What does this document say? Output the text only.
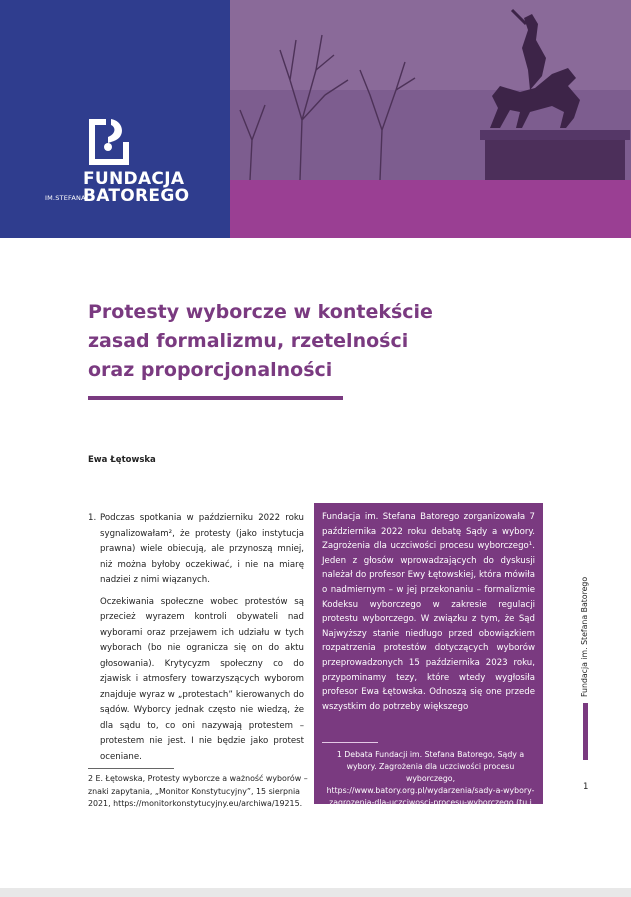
FUNDACJA
IM.STEFANA
BATOREGO
Protesty wyborcze w kontekście
zasad formalizmu, rzetelności
oraz proporcjonalności
Ewa Łętowska

1. Podczas spotkania w październiku 2022 roku sygnalizowałam², że protesty (jako instytucja prawna) wiele obiecują, ale przynoszą mniej, niż można byłoby oczekiwać, i nie na miarę nadziei z nimi wiązanych.

Oczekiwania społeczne wobec protestów są przecież wyrazem kontroli obywateli nad wyborami oraz przejawem ich udziału w tych wyborach (bo nie ogranicza się on do aktu głosowania). Krytycyzm społeczny co do zjawisk i atmosfery towarzyszących wyborom znajduje wyraz w „protestach” kierowanych do sądów. Wyborcy jednak często nie wiedzą, że dla sądu to, co oni nazywają protestem – protestem nie jest. I nie będzie jako protest oceniane.

2 E. Łętowska, Protesty wyborcze a ważność wyborów – znaki zapytania, „Monitor Konstytucyjny”, 15 sierpnia 2021, https://monitorkonstytucyjny.eu/archiwa/19215.
Fundacja im. Stefana Batorego zorganizowała 7 października 2022 roku debatę Sądy a wybory. Zagrożenia dla uczciwości procesu wyborczego¹. Jeden z głosów wprowadzających do dyskusji należał do profesor Ewy Łętowskiej, która mówiła o nadmiernym – w jej przekonaniu – formalizmie Kodeksu wyborczego w zakresie regulacji protestu wyborczego. W związku z tym, że Sąd Najwyższy stanie niedługo przed obowiązkiem rozpatrzenia protestów dotyczących wyborów przeprowadzonych 15 października 2023 roku, przypominamy tezy, które wtedy wygłosiła profesor Ewa Łętowska. Odnoszą się one przede wszystkim do potrzeby większego
1 Debata Fundacji im. Stefana Batorego, Sądy a wybory. Zagrożenia dla uczciwości procesu wyborczego, https://www.batory.org.pl/wydarzenia/sady-a-wybory-zagrozenia-dla-uczciwosci-procesu-wyborczego (tu i dalej dostęp: 19 października 2023).
Fundacja im. Stefana Batorego
1
